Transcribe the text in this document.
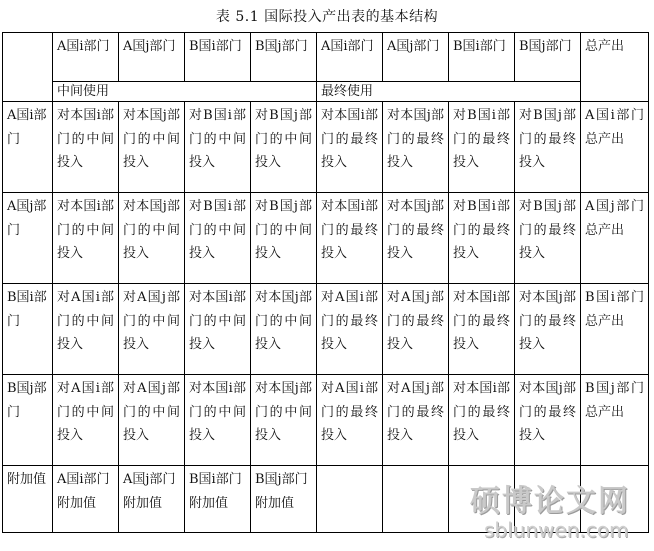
表 5.1 国际投入产出表的基本结构
	A国i部门	A国j部门	B国i部门	B国j部门	A国i部门	A国j部门	B国i部门	B国j部门	总产出
	中间使用				最终使用				
A国i部门	对本国i部门的中间投入	对本国j部门的中间投入	对B国i部门的中间投入	对B国j部门的中间投入	对本国i部门的最终投入	对本国j部门的最终投入	对B国i部门的最终投入	对B国j部门的最终投入	A国i部门总产出
A国j部门	对本国i部门的中间投入	对本国j部门的中间投入	对B国i部门的中间投入	对B国j部门的中间投入	对本国i部门的最终投入	对本国j部门的最终投入	对B国i部门的最终投入	对B国j部门的最终投入	A国j部门总产出
B国i部门	对A国i部门的中间投入	对A国j部门的中间投入	对本国i部门的中间投入	对本国j部门的中间投入	对A国i部门的最终投入	对A国j部门的最终投入	对本国i部门的最终投入	对本国j部门的最终投入	B国i部门总产出
B国j部门	对A国i部门的中间投入	对A国j部门的中间投入	对本国i部门的中间投入	对本国j部门的中间投入	对A国i部门的最终投入	对A国j部门的最终投入	对本国i部门的最终投入	对本国j部门的最终投入	B国j部门总产出
附加值	A国i部门附加值	A国j部门附加值	B国i部门附加值	B国j部门附加值						硕博论文网
sblunwen.com
